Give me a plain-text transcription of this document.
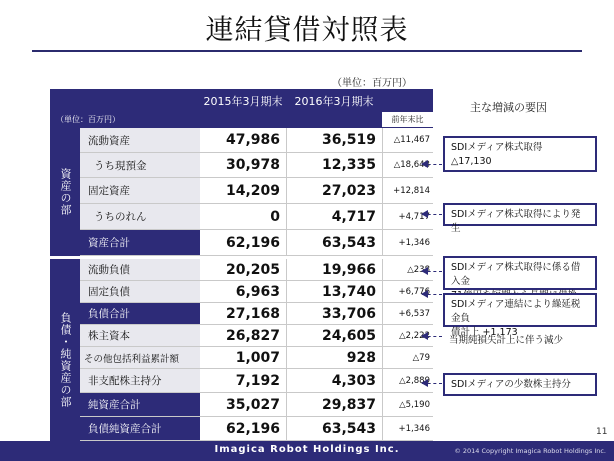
連結貸借対照表
（単位：百万円）
主な増減の要因
2015年3月期末	2016年3月期末
（単位：百万円）	前年末比
資産の部
負債・純資産の部
流動資産	47,986	36,519	△11,467
うち現預金	30,978	12,335	△18,643
固定資産	14,209	27,023	+12,814
うちのれん	0	4,717	+4,717
資産合計	62,196	63,543	+1,346
流動負債	20,205	19,966	△238
固定負債	6,963	13,740	+6,776
負債合計	27,168	33,706	+6,537
株主資本	26,827	24,605	△2,222
その他包括利益累計額	1,007	928	△79
非支配株主持分	7,192	4,303	△2,889
純資産合計	35,027	29,837	△5,190
負債純資産合計	62,196	63,543	+1,346
SDIメディア株式取得
△17,130
SDIメディア株式取得により発生
SDIメディア株式取得に係る借入金
SDIメディア連結により繰延税金負
債計上 +1,173
当期純損失計上に伴う減少
SDIメディアの少数株主持分
11
Imagica Robot Holdings Inc.	© 2014 Copyright Imagica Robot Holdings Inc.
